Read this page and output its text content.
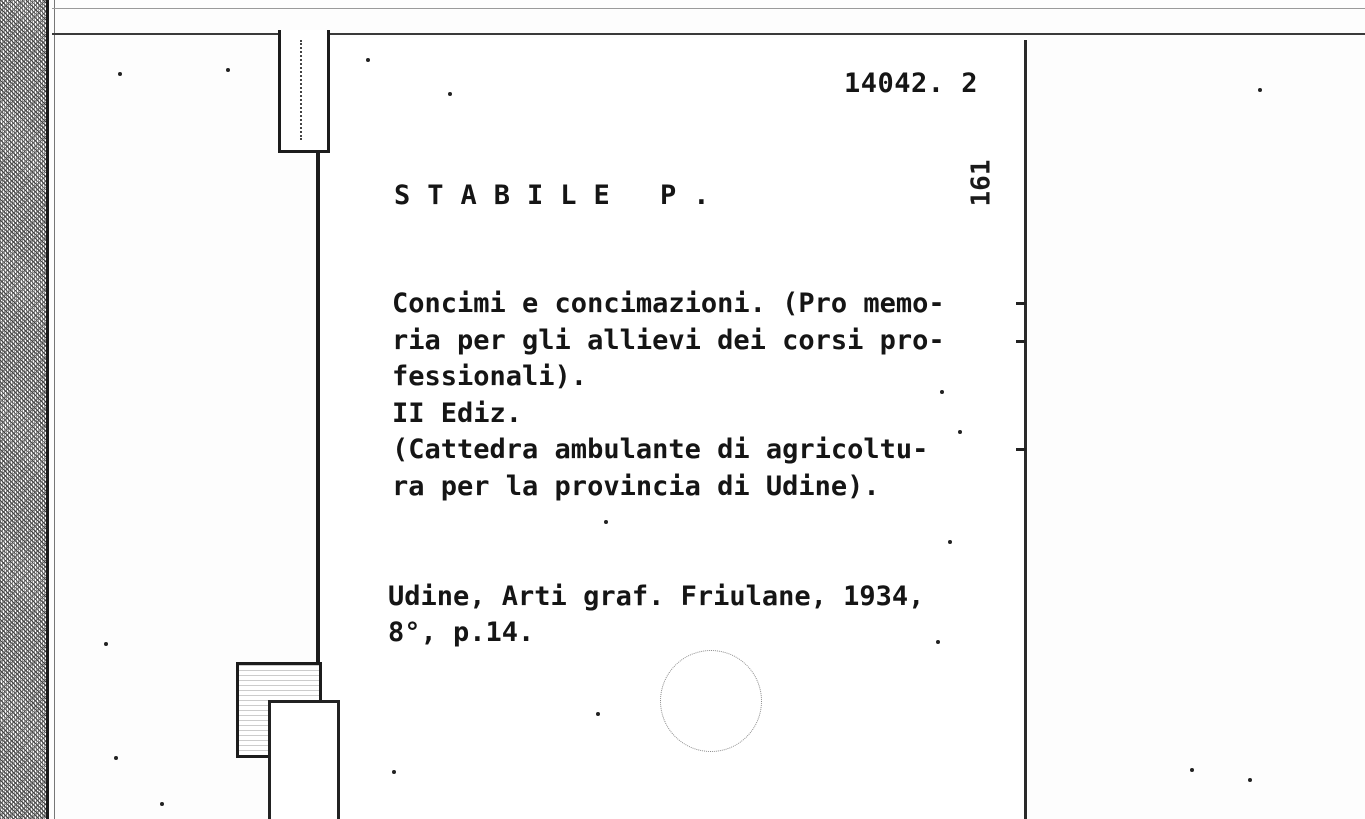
14042. 2
STABILE P.	161
Concimi e concimazioni. (Pro memo-
ria per gli allievi dei corsi pro-
fessionali).
II Ediz.
(Cattedra ambulante di agricoltu-
ra per la provincia di Udine).
Udine, Arti graf. Friulane, 1934,
8°, p.14.
